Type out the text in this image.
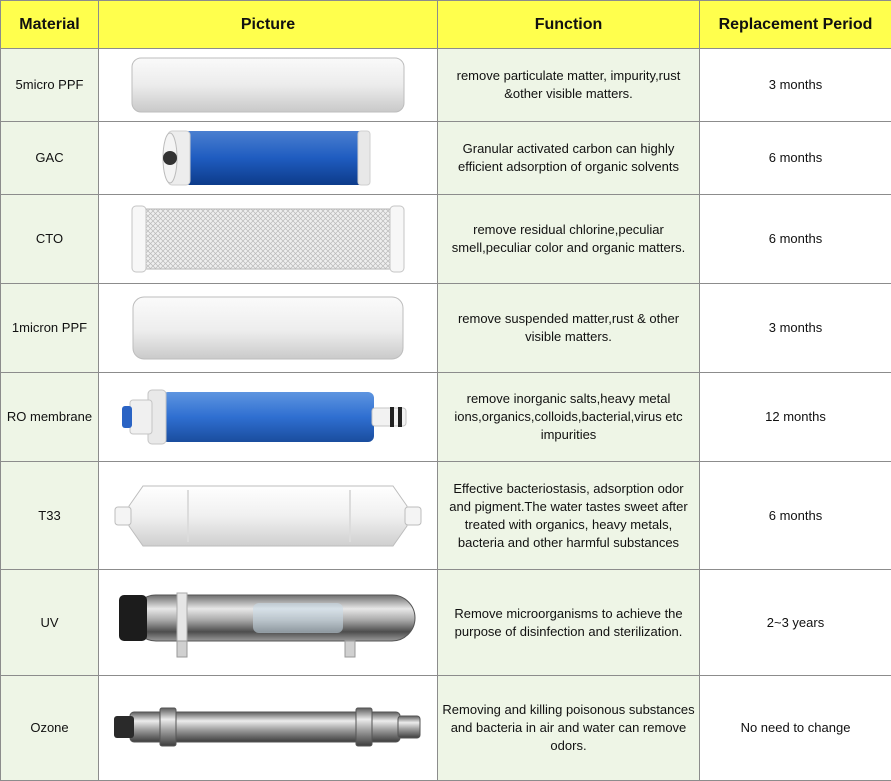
Material	Picture	Function	Replacement Period
5micro PPF		remove particulate matter, impurity,rust &other visible matters.	3 months
GAC		Granular activated carbon can highly efficient adsorption of organic solvents	6 months
CTO		remove residual chlorine,peculiar smell,peculiar color and organic matters.	6 months
1micron PPF		remove suspended matter,rust & other visible matters.	3 months
RO membrane		remove inorganic salts,heavy metal ions,organics,colloids,bacterial,virus etc impurities	12 months
T33		Effective bacteriostasis, adsorption odor and pigment.The water tastes sweet after treated with organics, heavy metals, bacteria and other harmful substances	6 months
UV		Remove microorganisms to achieve the purpose of disinfection and sterilization.	2~3 years
Ozone		Removing and killing poisonous substances and bacteria in air and water can remove odors.	No need to change
